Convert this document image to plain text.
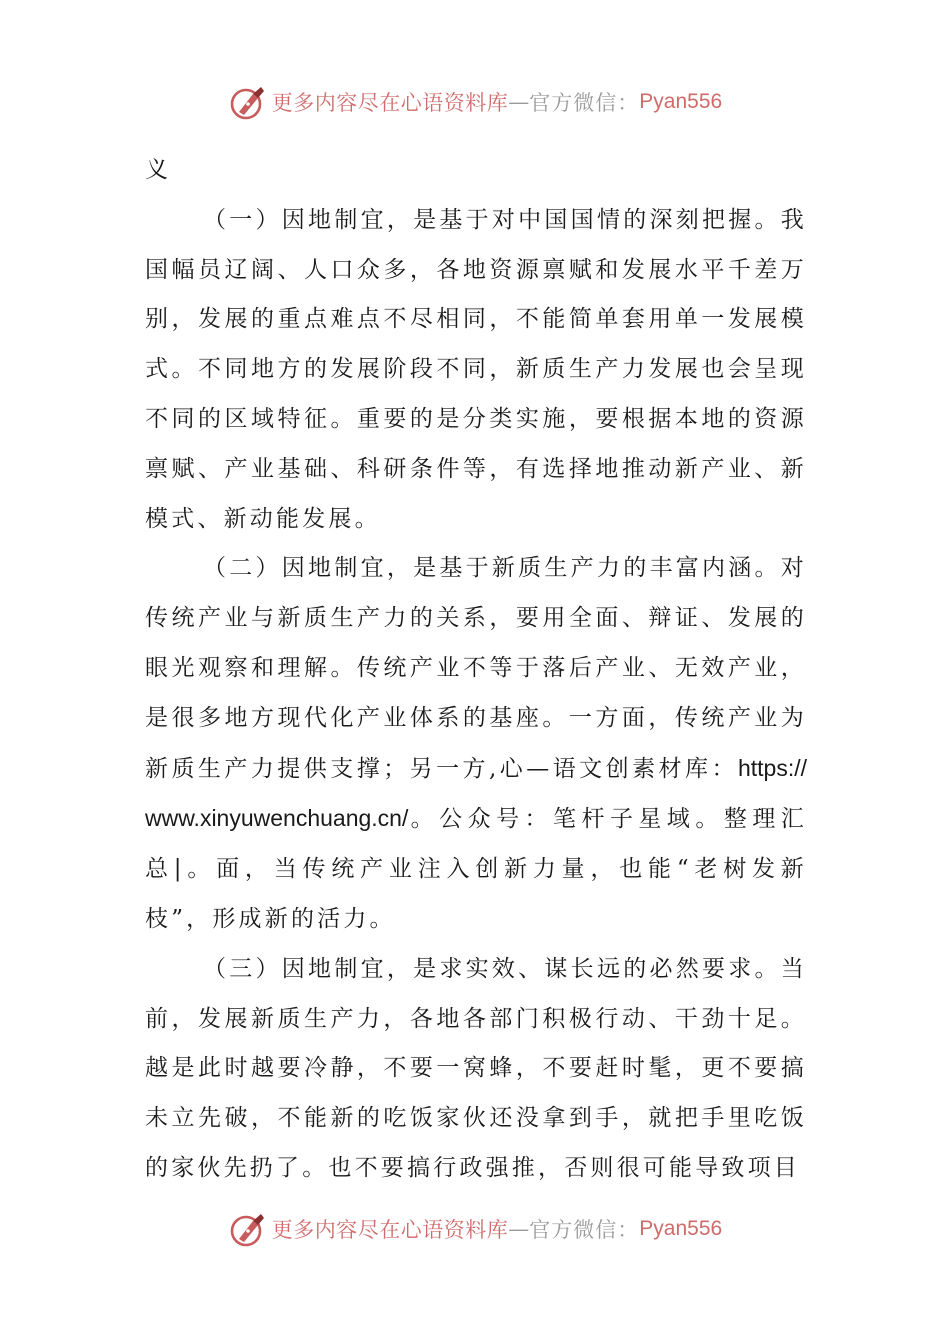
更多内容尽在心语资料库 — 官方微信： Pyan556

义

（一）因地制宜，是基于对中国国情的深刻把握。我国幅员辽阔、人口众多，各地资源禀赋和发展水平千差万别，发展的重点难点不尽相同，不能简单套用单一发展模式。不同地方的发展阶段不同，新质生产力发展也会呈现不同的区域特征。重要的是分类实施，要根据本地的资源禀赋、产业基础、科研条件等，有选择地推动新产业、新模式、新动能发展。

（二）因地制宜，是基于新质生产力的丰富内涵。对传统产业与新质生产力的关系，要用全面、辩证、发展的眼光观察和理解。传统产业不等于落后产业、无效产业，是很多地方现代化产业体系的基座。一方面，传统产业为新质生产力提供支撑；另一方,心—语文创素材库：https://www.xinyuwenchuang.cn/。公众号：笔杆子星域。整理汇总|。面，当传统产业注入创新力量，也能“老树发新枝”，形成新的活力。

（三）因地制宜，是求实效、谋长远的必然要求。当前，发展新质生产力，各地各部门积极行动、干劲十足。越是此时越要冷静，不要一窝蜂，不要赶时髦，更不要搞未立先破，不能新的吃饭家伙还没拿到手，就把手里吃饭的家伙先扔了。也不要搞行政强推，否则很可能导致项目

更多内容尽在心语资料库 — 官方微信： Pyan556
